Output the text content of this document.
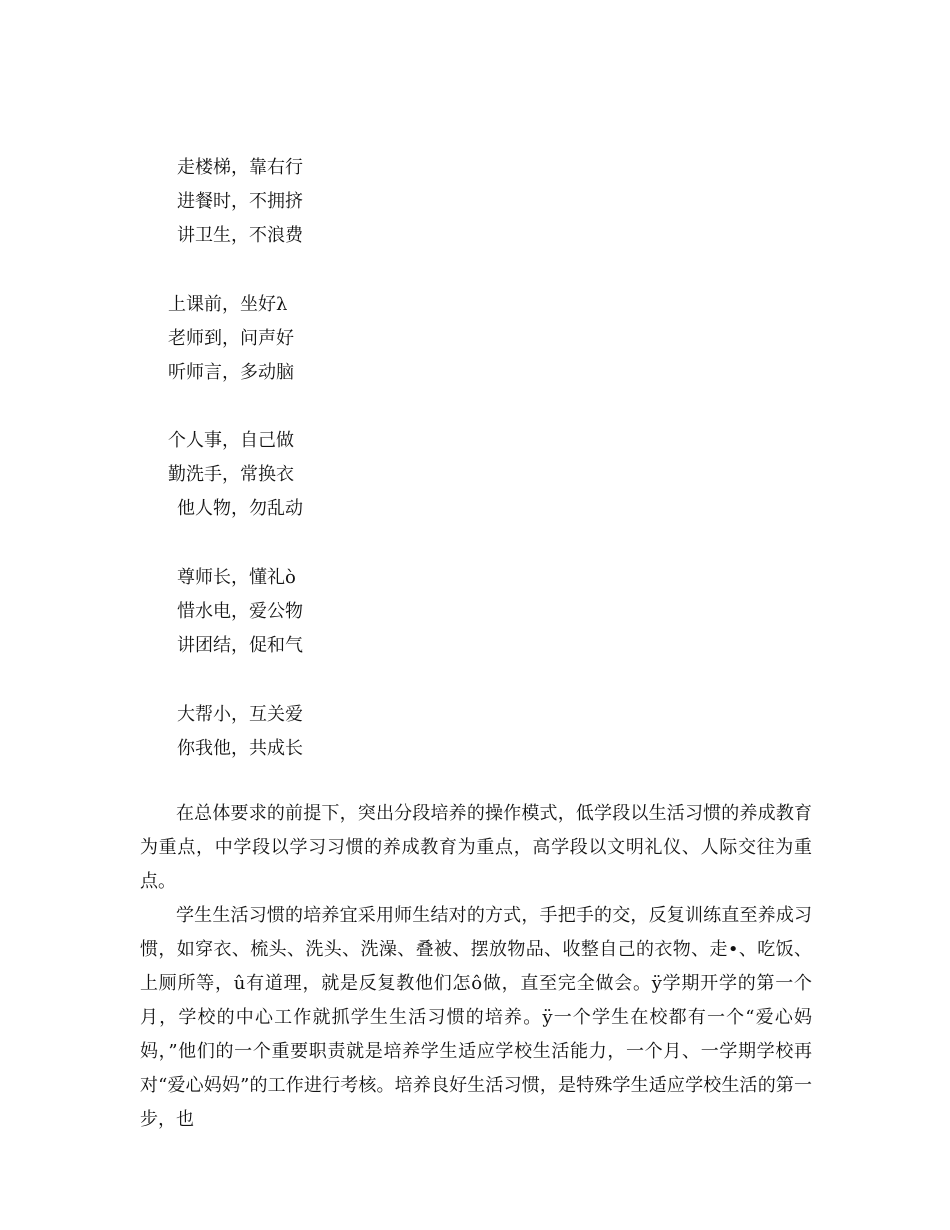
走楼梯，靠右行
进餐时，不拥挤
讲卫生，不浪费
上课前，坐好λ
老师到，问声好
听师言，多动脑
个人事，自己做
勤洗手，常换衣
他人物，勿乱动
尊师长，懂礼ò
惜水电，爱公物
讲团结，促和气
大帮小，互关爱
你我他，共成长

在总体要求的前提下，突出分段培养的操作模式，低学段以生活习惯的养成教育为重点，中学段以学习习惯的养成教育为重点，高学段以文明礼仪、人际交往为重点。

学生生活习惯的培养宜采用师生结对的方式，手把手的交，反复训练直至养成习惯，如穿衣、梳头、洗头、洗澡、叠被、摆放物品、收整自己的衣物、走•、吃饭、上厕所等，û有道理，就是反复教他们怎ô做，直至完全做会。ÿ学期开学的第一个月，学校的中心工作就抓学生生活习惯的培养。ÿ一个学生在校都有一个“爱心妈妈，”他们的一个重要职责就是培养学生适应学校生活能力，一个月、一学期学校再对“爱心妈妈”的工作进行考核。培养良好生活习惯，是特殊学生适应学校生活的第一步，也
